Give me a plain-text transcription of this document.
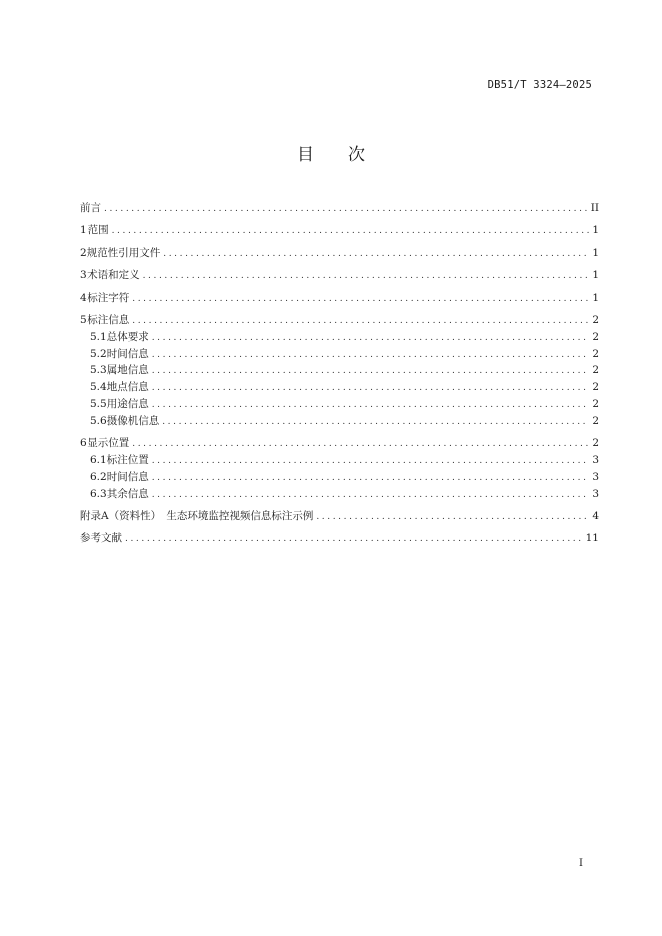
DB51/T 3324—2025
目 次
前言 .....	II
1 范围 .....	1
2 规范性引用文件 .....	1
3 术语和定义 .....	1
4 标注字符 .....	1
5 标注信息 .....	2
5.1 总体要求 .....	2
5.2 时间信息 .....	2
5.3 属地信息 .....	2
5.4 地点信息 .....	2
5.5 用途信息 .....	2
5.6 摄像机信息 .....	2
6 显示位置 .....	2
6.1 标注位置 .....	3
6.2 时间信息 .....	3
6.3 其余信息 .....	3
附录A（资料性）　生态环境监控视频信息标注示例 .....	4
参考文献 .....	11
I
